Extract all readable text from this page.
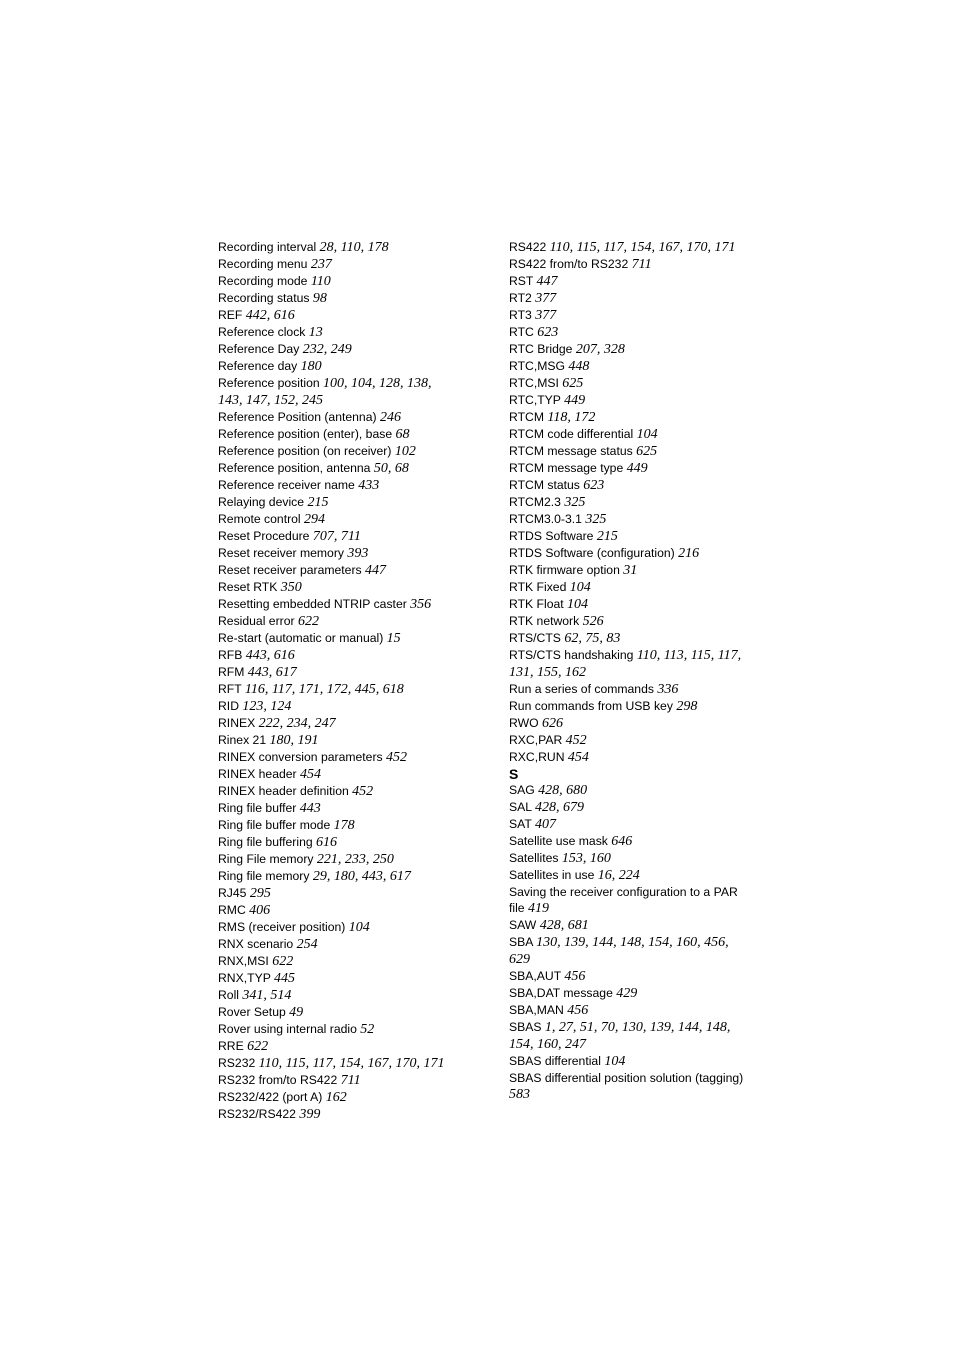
Recording interval 28, 110, 178
Recording menu 237
Recording mode 110
Recording status 98
REF 442, 616
Reference clock 13
Reference Day 232, 249
Reference day 180
Reference position 100, 104, 128, 138,
143, 147, 152, 245
Reference Position (antenna) 246
Reference position (enter), base 68
Reference position (on receiver) 102
Reference position, antenna 50, 68
Reference receiver name 433
Relaying device 215
Remote control 294
Reset Procedure 707, 711
Reset receiver memory 393
Reset receiver parameters 447
Reset RTK 350
Resetting embedded NTRIP caster 356
Residual error 622
Re-start (automatic or manual) 15
RFB 443, 616
RFM 443, 617
RFT 116, 117, 171, 172, 445, 618
RID 123, 124
RINEX 222, 234, 247
Rinex 21 180, 191
RINEX conversion parameters 452
RINEX header 454
RINEX header definition 452
Ring file buffer 443
Ring file buffer mode 178
Ring file buffering 616
Ring File memory 221, 233, 250
Ring file memory 29, 180, 443, 617
RJ45 295
RMC 406
RMS (receiver position) 104
RNX scenario 254
RNX,MSI 622
RNX,TYP 445
Roll 341, 514
Rover Setup 49
Rover using internal radio 52
RRE 622
RS232 110, 115, 117, 154, 167, 170, 171
RS232 from/to RS422 711
RS232/422 (port A) 162
RS232/RS422 399
RS422 110, 115, 117, 154, 167, 170, 171
RS422 from/to RS232 711
RST 447
RT2 377
RT3 377
RTC 623
RTC Bridge 207, 328
RTC,MSG 448
RTC,MSI 625
RTC,TYP 449
RTCM 118, 172
RTCM code differential 104
RTCM message status 625
RTCM message type 449
RTCM status 623
RTCM2.3 325
RTCM3.0-3.1 325
RTDS Software 215
RTDS Software (configuration) 216
RTK firmware option 31
RTK Fixed 104
RTK Float 104
RTK network 526
RTS/CTS 62, 75, 83
RTS/CTS handshaking 110, 113, 115, 117,
131, 155, 162
Run a series of commands 336
Run commands from USB key 298
RWO 626
RXC,PAR 452
RXC,RUN 454
S
SAG 428, 680
SAL 428, 679
SAT 407
Satellite use mask 646
Satellites 153, 160
Satellites in use 16, 224
Saving the receiver configuration to a PAR
file 419
SAW 428, 681
SBA 130, 139, 144, 148, 154, 160, 456,
629
SBA,AUT 456
SBA,DAT message 429
SBA,MAN 456
SBAS 1, 27, 51, 70, 130, 139, 144, 148,
154, 160, 247
SBAS differential 104
SBAS differential position solution (tagging)
583
